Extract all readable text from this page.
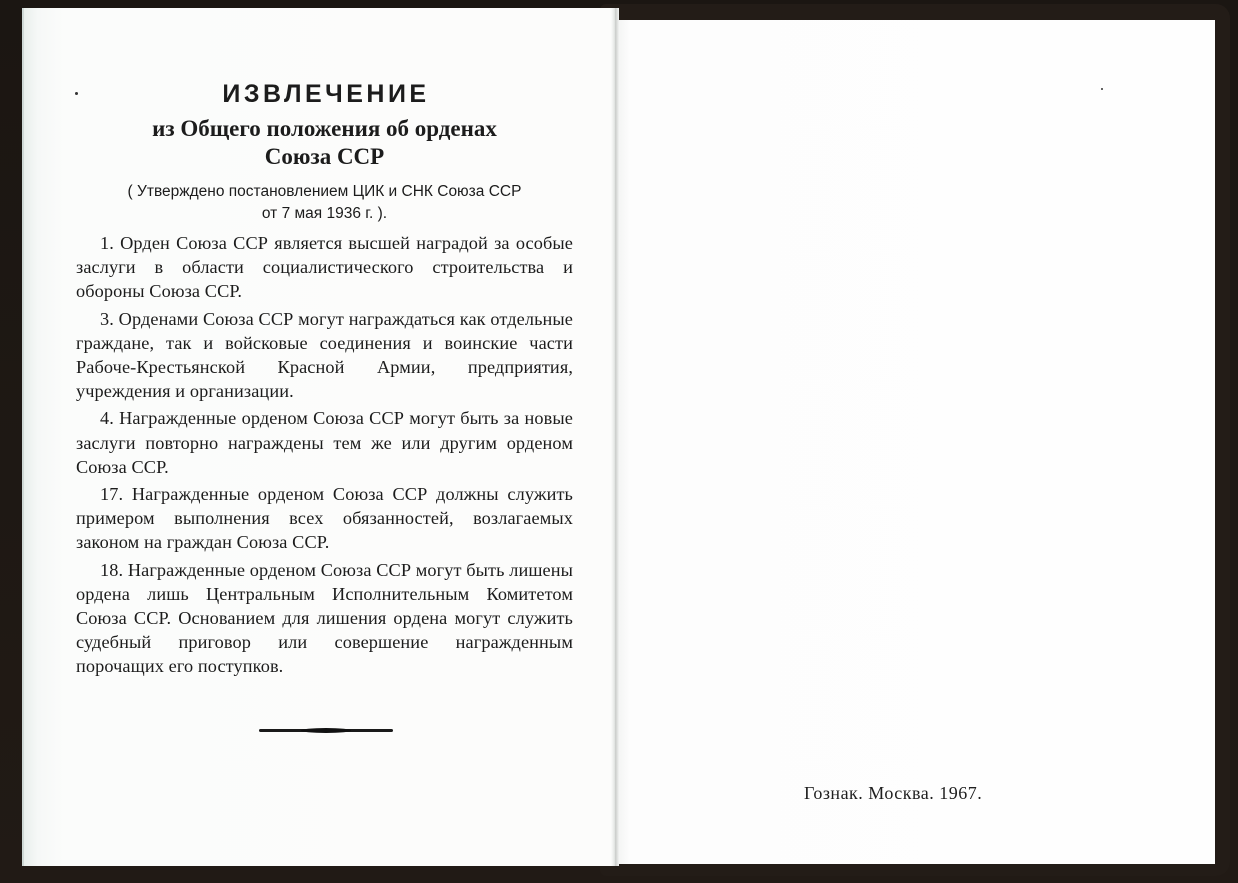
ИЗВЛЕЧЕНИЕ
из Общего положения об орденах
Союза ССР
( Утверждено постановлением ЦИК и СНК Союза ССР
от 7 мая 1936 г. ).

1. Орден Союза ССР является высшей наградой за особые заслуги в области социалистического строительства и обороны Союза ССР.

3. Орденами Союза ССР могут награждаться как отдельные граждане, так и войсковые соединения и воинские части Рабоче-Крестьянской Красной Армии, предприятия, учреждения и организации.

4. Награжденные орденом Союза ССР могут быть за новые заслуги повторно награждены тем же или другим орденом Союза ССР.

17. Награжденные орденом Союза ССР должны служить примером выполнения всех обязанностей, возлагаемых законом на граждан Союза ССР.

18. Награжденные орденом Союза ССР могут быть лишены ордена лишь Центральным Исполнительным Комитетом Союза ССР. Основанием для лишения ордена могут служить судебный приговор или совершение награжденным порочащих его поступков.

Гознак. Москва. 1967.
